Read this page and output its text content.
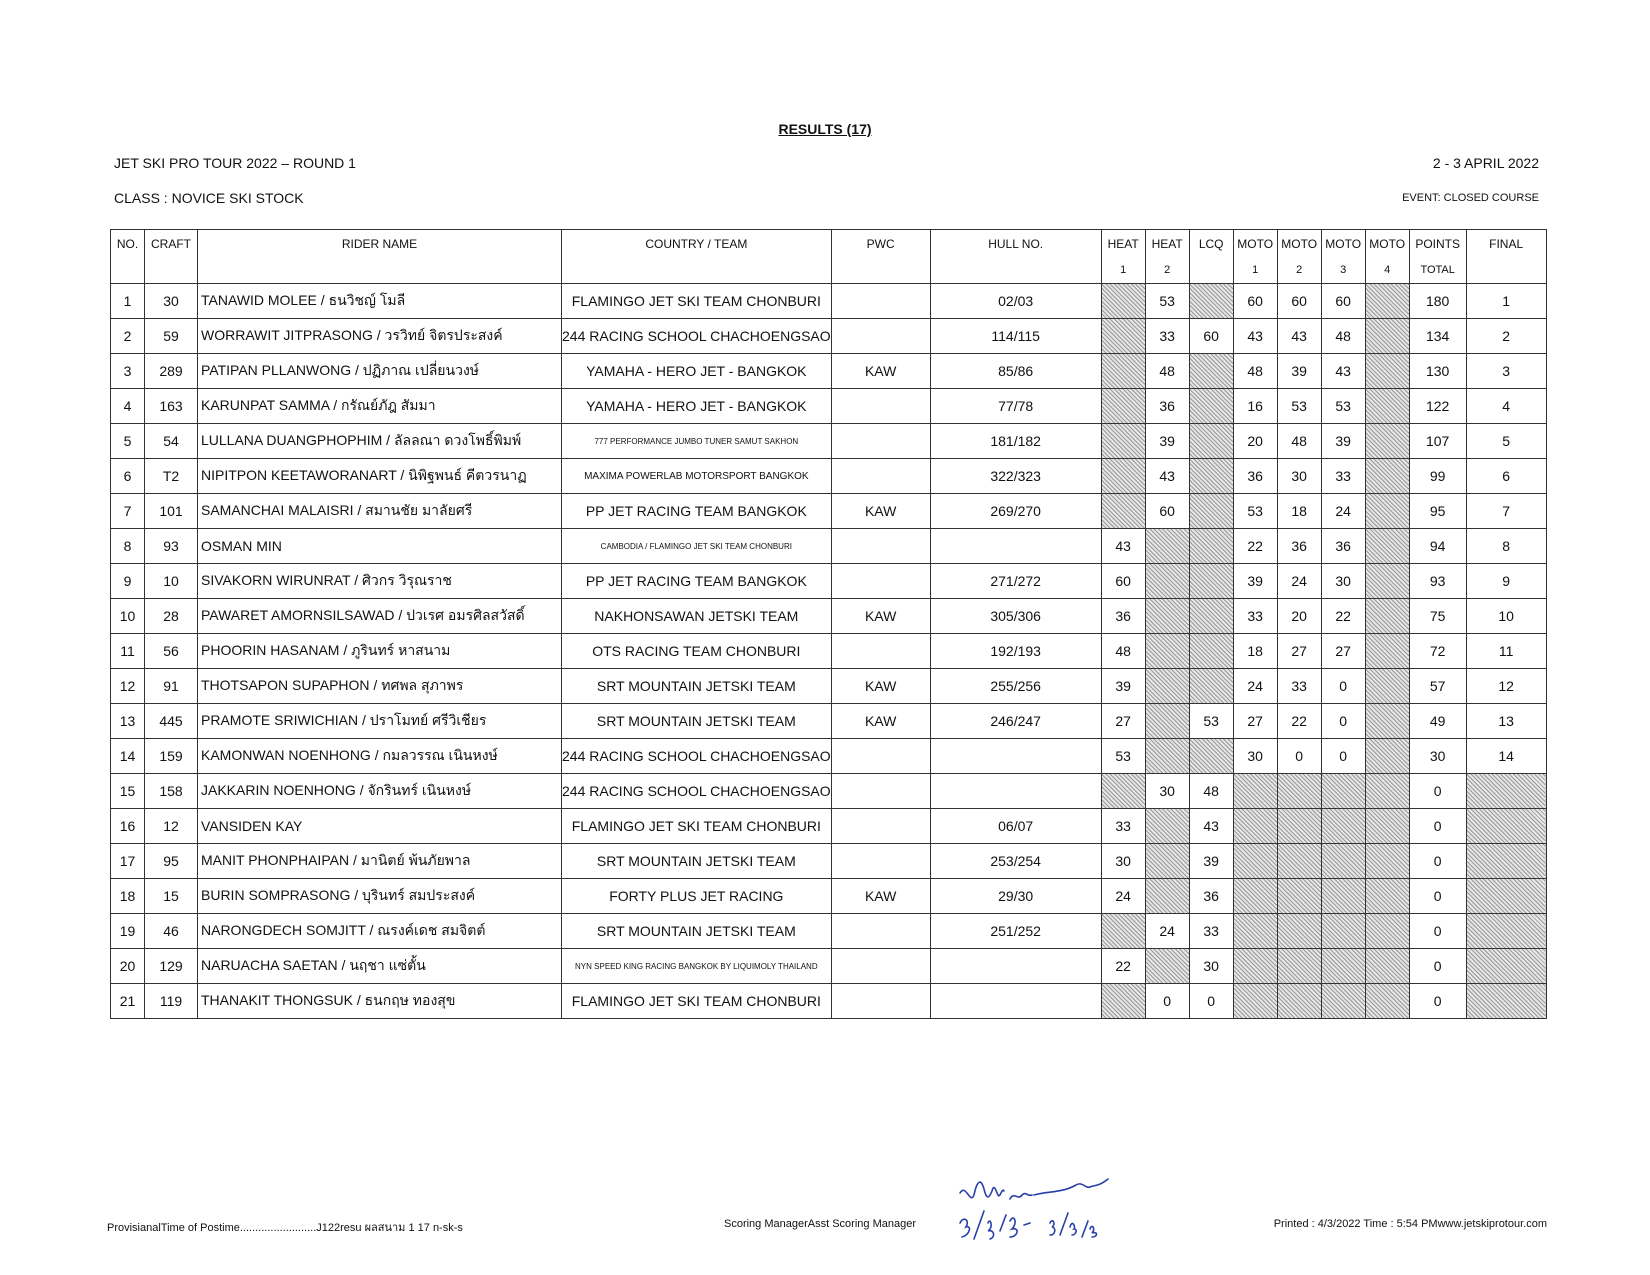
RESULTS (17)
JET SKI PRO TOUR 2022 – ROUND 1	2 - 3 APRIL 2022
CLASS : NOVICE SKI STOCK	EVENT: CLOSED COURSE
NO.	CRAFT	RIDER NAME	COUNTRY / TEAM	PWC	HULL NO.	HEAT	HEAT	LCQ	MOTO	MOTO	MOTO	MOTO	POINTS	FINAL
						1	2		1	2	3	4	TOTAL	
1	30	TANAWID MOLEE / ธนวิชญ์ โมลี	FLAMINGO JET SKI TEAM CHONBURI		02/03		53		60	60	60		180	1
2	59	WORRAWIT JITPRASONG / วรวิทย์ จิตรประสงค์	244 RACING SCHOOL CHACHOENGSAO		114/115		33	60	43	43	48		134	2
3	289	PATIPAN PLLANWONG / ปฏิภาณ เปลี่ยนวงษ์	YAMAHA - HERO JET - BANGKOK	KAW	85/86		48		48	39	43		130	3
4	163	KARUNPAT SAMMA / กรัณย์ภัฎ สัมมา	YAMAHA - HERO JET - BANGKOK		77/78		36		16	53	53		122	4
5	54	LULLANA DUANGPHOPHIM / ลัลลณา ดวงโพธิ์พิมพ์	777 PERFORMANCE JUMBO TUNER SAMUT SAKHON		181/182		39		20	48	39		107	5
6	T2	NIPITPON KEETAWORANART / นิพิฐพนธ์ คีตวรนาฏ	MAXIMA POWERLAB MOTORSPORT BANGKOK		322/323		43		36	30	33		99	6
7	101	SAMANCHAI MALAISRI / สมานชัย มาลัยศรี	PP JET RACING TEAM BANGKOK	KAW	269/270		60		53	18	24		95	7
8	93	OSMAN MIN	CAMBODIA / FLAMINGO JET SKI TEAM CHONBURI			43			22	36	36		94	8
9	10	SIVAKORN WIRUNRAT / ศิวกร วิรุณราช	PP JET RACING TEAM BANGKOK		271/272	60			39	24	30		93	9
10	28	PAWARET AMORNSILSAWAD / ปวเรศ อมรศิลสวัสดิ์	NAKHONSAWAN JETSKI TEAM	KAW	305/306	36			33	20	22		75	10
11	56	PHOORIN HASANAM / ภูรินทร์ หาสนาม	OTS RACING TEAM CHONBURI		192/193	48			18	27	27		72	11
12	91	THOTSAPON SUPAPHON / ทศพล สุภาพร	SRT MOUNTAIN JETSKI TEAM	KAW	255/256	39			24	33	0		57	12
13	445	PRAMOTE SRIWICHIAN / ปราโมทย์ ศรีวิเชียร	SRT MOUNTAIN JETSKI TEAM	KAW	246/247	27		53	27	22	0		49	13
14	159	KAMONWAN NOENHONG / กมลวรรณ เนินหงษ์	244 RACING SCHOOL CHACHOENGSAO			53			30	0	0		30	14
15	158	JAKKARIN NOENHONG / จักรินทร์ เนินหงษ์	244 RACING SCHOOL CHACHOENGSAO				30	48					0	
16	12	VANSIDEN KAY	FLAMINGO JET SKI TEAM CHONBURI		06/07	33		43					0	
17	95	MANIT PHONPHAIPAN / มานิตย์ พ้นภัยพาล	SRT MOUNTAIN JETSKI TEAM		253/254	30		39					0	
18	15	BURIN SOMPRASONG / บุรินทร์ สมประสงค์	FORTY PLUS JET RACING	KAW	29/30	24		36					0	
19	46	NARONGDECH SOMJITT / ณรงค์เดช สมจิตต์	SRT MOUNTAIN JETSKI TEAM		251/252		24	33					0	
20	129	NARUACHA SAETAN / นฤชา แซ่ตั้น	NYN SPEED KING RACING BANGKOK BY LIQUIMOLY THAILAND			22		30					0	
21	119	THANAKIT THONGSUK / ธนกฤษ ทองสุข	FLAMINGO JET SKI TEAM CHONBURI				0	0					0	
ProvisianalTime of Postime.........................J122resu ผลสนาม 1 17 n-sk-s	Scoring ManagerAsst Scoring Manager	Printed : 4/3/2022 Time : 5:54 PMwww.jetskiprotour.com
